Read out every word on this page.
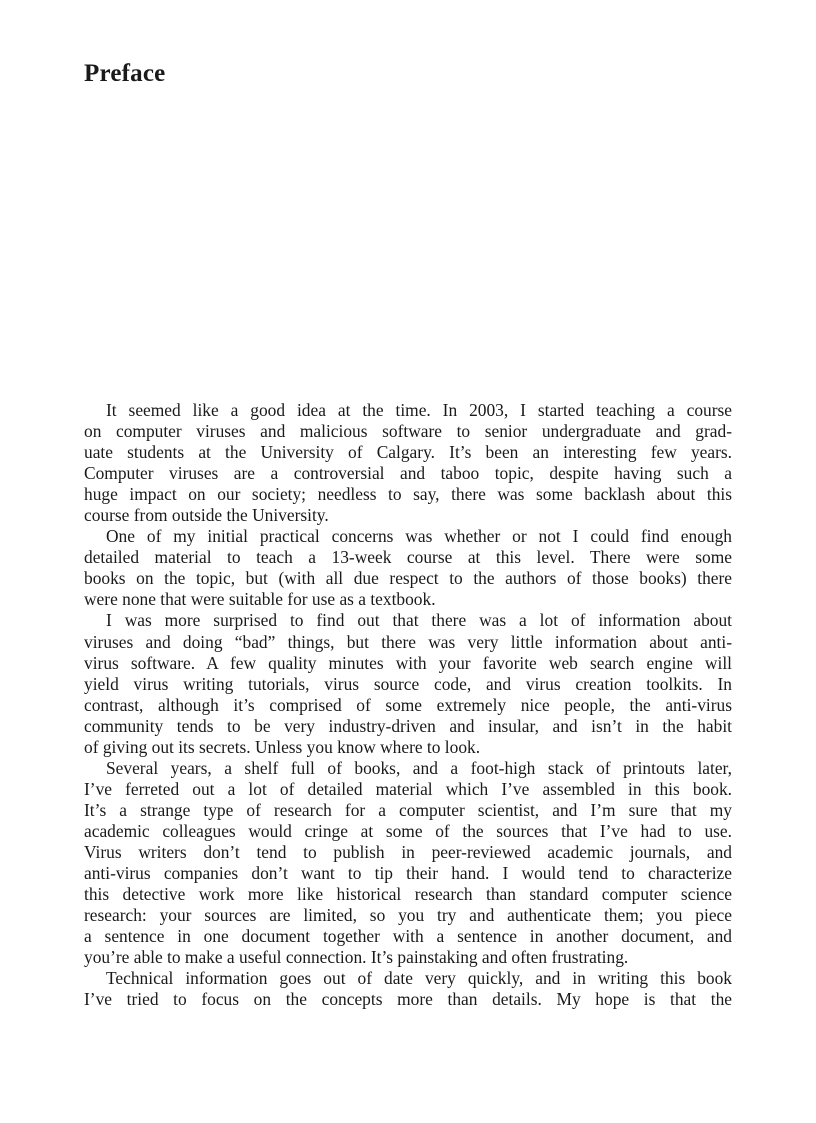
Preface
It seemed like a good idea at the time. In 2003, I started teaching a course
on computer viruses and malicious software to senior undergraduate and grad-
uate students at the University of Calgary. It’s been an interesting few years.
Computer viruses are a controversial and taboo topic, despite having such a
huge impact on our society; needless to say, there was some backlash about this
course from outside the University.
One of my initial practical concerns was whether or not I could find enough
detailed material to teach a 13-week course at this level. There were some
books on the topic, but (with all due respect to the authors of those books) there
were none that were suitable for use as a textbook.
I was more surprised to find out that there was a lot of information about
viruses and doing “bad” things, but there was very little information about anti-
virus software. A few quality minutes with your favorite web search engine will
yield virus writing tutorials, virus source code, and virus creation toolkits. In
contrast, although it’s comprised of some extremely nice people, the anti-virus
community tends to be very industry-driven and insular, and isn’t in the habit
of giving out its secrets. Unless you know where to look.
Several years, a shelf full of books, and a foot-high stack of printouts later,
I’ve ferreted out a lot of detailed material which I’ve assembled in this book.
It’s a strange type of research for a computer scientist, and I’m sure that my
academic colleagues would cringe at some of the sources that I’ve had to use.
Virus writers don’t tend to publish in peer-reviewed academic journals, and
anti-virus companies don’t want to tip their hand. I would tend to characterize
this detective work more like historical research than standard computer science
research: your sources are limited, so you try and authenticate them; you piece
a sentence in one document together with a sentence in another document, and
you’re able to make a useful connection. It’s painstaking and often frustrating.
Technical information goes out of date very quickly, and in writing this book
I’ve tried to focus on the concepts more than details. My hope is that the
